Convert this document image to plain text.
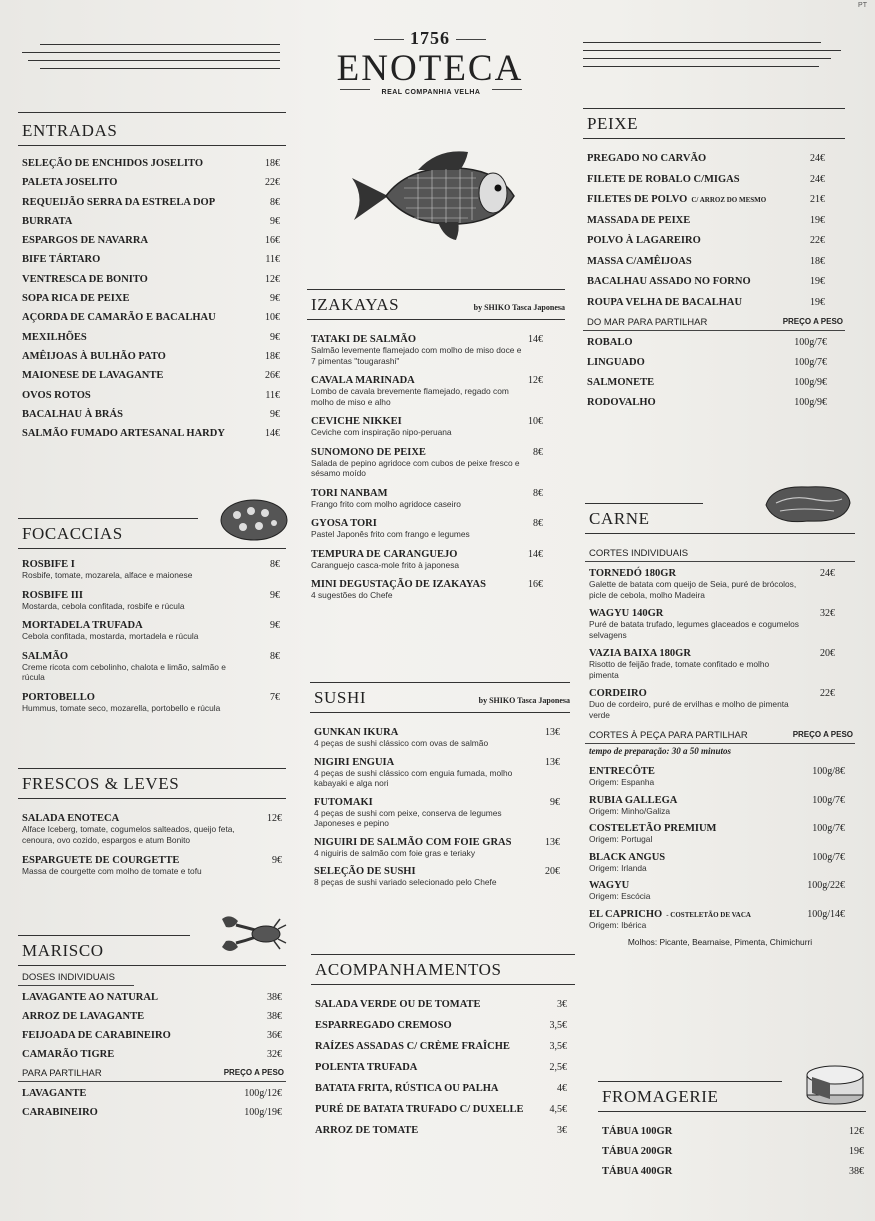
PT
1756
ENOTECA
REAL COMPANHIA VELHA
ENTRADAS
SELEÇÃO DE ENCHIDOS JOSELITO	18€
PALETA JOSELITO	22€
REQUEIJÃO SERRA DA ESTRELA DOP	8€
BURRATA	9€
ESPARGOS DE NAVARRA	16€
BIFE TÁRTARO	11€
VENTRESCA DE BONITO	12€
SOPA RICA DE PEIXE	9€
AÇORDA DE CAMARÃO E BACALHAU	10€
MEXILHÕES	9€
AMÊIJOAS À BULHÃO PATO	18€
MAIONESE DE LAVAGANTE	26€
OVOS ROTOS	11€
BACALHAU À BRÁS	9€
SALMÃO FUMADO ARTESANAL HARDY	14€
FOCACCIAS
ROSBIFE I	8€
Rosbife, tomate, mozarela, alface e maionese
ROSBIFE III	9€
Mostarda, cebola confitada, rosbife e rúcula
MORTADELA TRUFADA	9€
Cebola confitada, mostarda, mortadela e rúcula
SALMÃO	8€
Creme ricota com cebolinho, chalota e limão, salmão e rúcula
PORTOBELLO	7€
Hummus, tomate seco, mozarella, portobello e rúcula
FRESCOS & LEVES
SALADA ENOTECA	12€
Alface Iceberg, tomate, cogumelos salteados, queijo feta, cenoura, ovo cozido, espargos e atum Bonito
ESPARGUETE DE COURGETTE	9€
Massa de courgette com molho de tomate e tofu
MARISCO
DOSES INDIVIDUAIS
LAVAGANTE AO NATURAL	38€
ARROZ DE LAVAGANTE	38€
FEIJOADA DE CARABINEIRO	36€
CAMARÃO TIGRE	32€
PARA PARTILHAR	PREÇO A PESO
LAVAGANTE	100g/12€
CARABINEIRO	100g/19€
IZAKAYAS	by SHIKO Tasca Japonesa
TATAKI DE SALMÃO	14€
Salmão levemente flamejado com molho de miso doce e 7 pimentas "tougarashi"
CAVALA MARINADA	12€
Lombo de cavala brevemente flamejado, regado com molho de miso e alho
CEVICHE NIKKEI	10€
Ceviche com inspiração nipo-peruana
SUNOMONO DE PEIXE	8€
Salada de pepino agridoce com cubos de peixe fresco e sésamo moído
TORI NANBAM	8€
Frango frito com molho agridoce caseiro
GYOSA TORI	8€
Pastel Japonês frito com frango e legumes
TEMPURA DE CARANGUEJO	14€
Caranguejo casca-mole frito à japonesa
MINI DEGUSTAÇÃO DE IZAKAYAS	16€
4 sugestões do Chefe
SUSHI	by SHIKO Tasca Japonesa
GUNKAN IKURA	13€
4 peças de sushi clássico com ovas de salmão
NIGIRI ENGUIA	13€
4 peças de sushi clássico com enguia fumada, molho kabayaki e alga nori
FUTOMAKI	9€
4 peças de sushi com peixe, conserva de legumes Japoneses e pepino
NIGUIRI DE SALMÃO COM FOIE GRAS	13€
4 niguiris de salmão com foie gras e teriaky
SELEÇÃO DE SUSHI	20€
8 peças de sushi variado selecionado pelo Chefe
ACOMPANHAMENTOS
SALADA VERDE OU DE TOMATE	3€
ESPARREGADO CREMOSO	3,5€
RAÍZES ASSADAS C/ CRÈME FRAÎCHE	3,5€
POLENTA TRUFADA	2,5€
BATATA FRITA, RÚSTICA OU PALHA	4€
PURÉ DE BATATA TRUFADO C/ DUXELLE	4,5€
ARROZ DE TOMATE	3€
PEIXE
PREGADO NO CARVÃO	24€
FILETE DE ROBALO C/MIGAS	24€
FILETES DE POLVO C/ ARROZ DO MESMO	21€
MASSADA DE PEIXE	19€
POLVO À LAGAREIRO	22€
MASSA C/AMÊIJOAS	18€
BACALHAU ASSADO NO FORNO	19€
ROUPA VELHA DE BACALHAU	19€
DO MAR PARA PARTILHAR	PREÇO A PESO
ROBALO	100g/7€
LINGUADO	100g/7€
SALMONETE	100g/9€
RODOVALHO	100g/9€
CARNE
CORTES INDIVIDUAIS
TORNEDÓ 180GR	24€
Galette de batata com queijo de Seia, puré de brócolos, picle de cebola, molho Madeira
WAGYU 140GR	32€
Puré de batata trufado, legumes glaceados e cogumelos selvagens
VAZIA BAIXA 180GR	20€
Risotto de feijão frade, tomate confitado e molho pimenta
CORDEIRO	22€
Duo de cordeiro, puré de ervilhas e molho de pimenta verde
CORTES À PEÇA PARA PARTILHAR	PREÇO A PESO
tempo de preparação: 30 a 50 minutos
ENTRECÔTE	100g/8€
Origem: Espanha
RUBIA GALLEGA	100g/7€
Origem: Minho/Galiza
COSTELETÃO PREMIUM	100g/7€
Origem: Portugal
BLACK ANGUS	100g/7€
Origem: Irlanda
WAGYU	100g/22€
Origem: Escócia
EL CAPRICHO - COSTELETÃO DE VACA	100g/14€
Origem: Ibérica
Molhos: Picante, Bearnaise, Pimenta, Chimichurri
FROMAGERIE
TÁBUA 100GR	12€
TÁBUA 200GR	19€
TÁBUA 400GR	38€
